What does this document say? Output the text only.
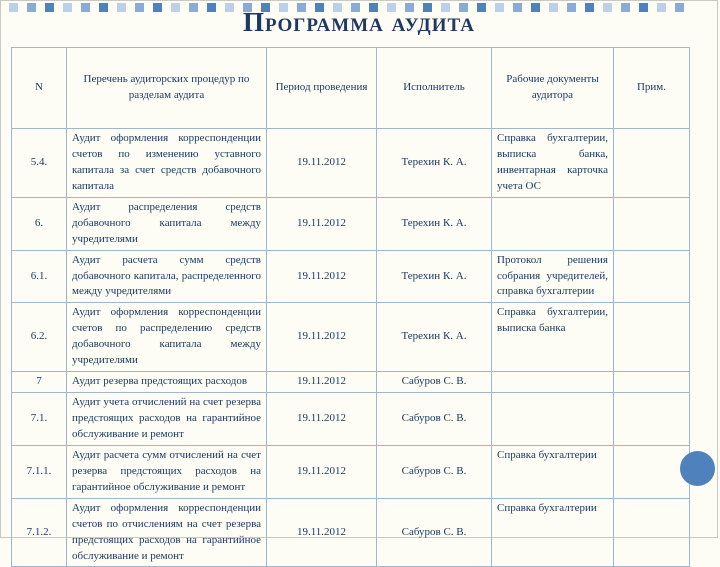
Программа аудита
N	Перечень аудиторских процедур по разделам аудита	Период проведения	Исполнитель	Рабочие документы аудитора	Прим.
5.4.	Аудит оформления корреспонденции счетов по изменению уставного капитала за счет средств добавочного капитала	19.11.2012	Терехин К. А.	Справка бухгалтерии, выписка банка, инвентарная карточка учета ОС	
6.	Аудит распределения средств добавочного капитала между учредителями	19.11.2012	Терехин К. А.		
6.1.	Аудит расчета сумм средств добавочного капитала, распределенного между учредителями	19.11.2012	Терехин К. А.	Протокол решения собрания учредителей, справка бухгалтерии	
6.2.	Аудит оформления корреспонденции счетов по распределению средств добавочного капитала между учредителями	19.11.2012	Терехин К. А.	Справка бухгалтерии, выписка банка	
7	Аудит резерва предстоящих расходов	19.11.2012	Сабуров С. В.		
7.1.	Аудит учета отчислений на счет резерва предстоящих расходов на гарантийное обслуживание и ремонт	19.11.2012	Сабуров С. В.		
7.1.1.	Аудит расчета сумм отчислений на счет резерва предстоящих расходов на гарантийное обслуживание и ремонт	19.11.2012	Сабуров С. В.	Справка бухгалтерии	
7.1.2.	Аудит оформления корреспонденции счетов по отчислениям на счет резерва предстоящих расходов на гарантийное обслуживание и ремонт	19.11.2012	Сабуров С. В.	Справка бухгалтерии	
